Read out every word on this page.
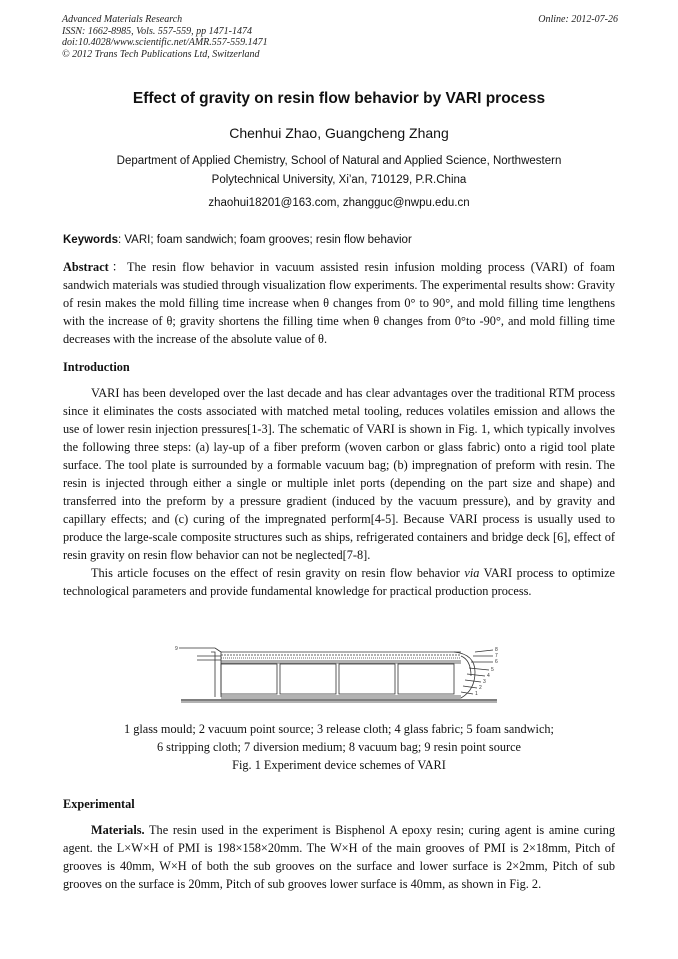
Advanced Materials Research
ISSN: 1662-8985, Vols. 557-559, pp 1471-1474
doi:10.4028/www.scientific.net/AMR.557-559.1471
© 2012 Trans Tech Publications Ltd, Switzerland
Online: 2012-07-26
Effect of gravity on resin flow behavior by VARI process
Chenhui Zhao, Guangcheng Zhang
Department of Applied Chemistry, School of Natural and Applied Science, Northwestern
Polytechnical University, Xi’an, 710129, P.R.China
zhaohui18201@163.com, zhangguc@nwpu.edu.cn
Keywords: VARI; foam sandwich; foam grooves; resin flow behavior
Abstract：The resin flow behavior in vacuum assisted resin infusion molding process (VARI) of foam sandwich materials was studied through visualization flow experiments. The experimental results show: Gravity of resin makes the mold filling time increase when θ changes from 0° to 90°, and mold filling time lengthens with the increase of θ; gravity shortens the filling time when θ changes from 0°to -90°, and mold filling time decreases with the increase of the absolute value of θ.
Introduction

VARI has been developed over the last decade and has clear advantages over the traditional RTM process since it eliminates the costs associated with matched metal tooling, reduces volatiles emission and allows the use of lower resin injection pressures[1-3]. The schematic of VARI is shown in Fig. 1, which typically involves the following three steps: (a) lay-up of a fiber preform (woven carbon or glass fabric) onto a rigid tool plate surface. The tool plate is surrounded by a formable vacuum bag; (b) impregnation of preform with resin. The resin is injected through either a single or multiple inlet ports (depending on the part size and shape) and transferred into the preform by a pressure gradient (induced by the vacuum pressure), and by gravity and capillary effects; and (c) curing of the impregnated perform[4-5]. Because VARI process is usually used to produce the large-scale composite structures such as ships, refrigerated containers and bridge deck [6], effect of resin gravity on resin flow behavior can not be neglected[7-8].

This article focuses on the effect of resin gravity on resin flow behavior via VARI process to optimize technological parameters and provide fundamental knowledge for practical production process.

9	8
7
6
5
4
3
2
1
1 glass mould; 2 vacuum point source; 3 release cloth; 4 glass fabric; 5 foam sandwich;
6 stripping cloth; 7 diversion medium; 8 vacuum bag; 9 resin point source
Fig. 1 Experiment device schemes of VARI
Experimental

Materials. The resin used in the experiment is Bisphenol A epoxy resin; curing agent is amine curing agent. the L×W×H of PMI is 198×158×20mm. The W×H of the main grooves of PMI is 2×18mm, Pitch of grooves is 40mm, W×H of both the sub grooves on the surface and lower surface is 2×2mm, Pitch of sub grooves on the surface is 20mm, Pitch of sub grooves lower surface is 40mm, as shown in Fig. 2.
